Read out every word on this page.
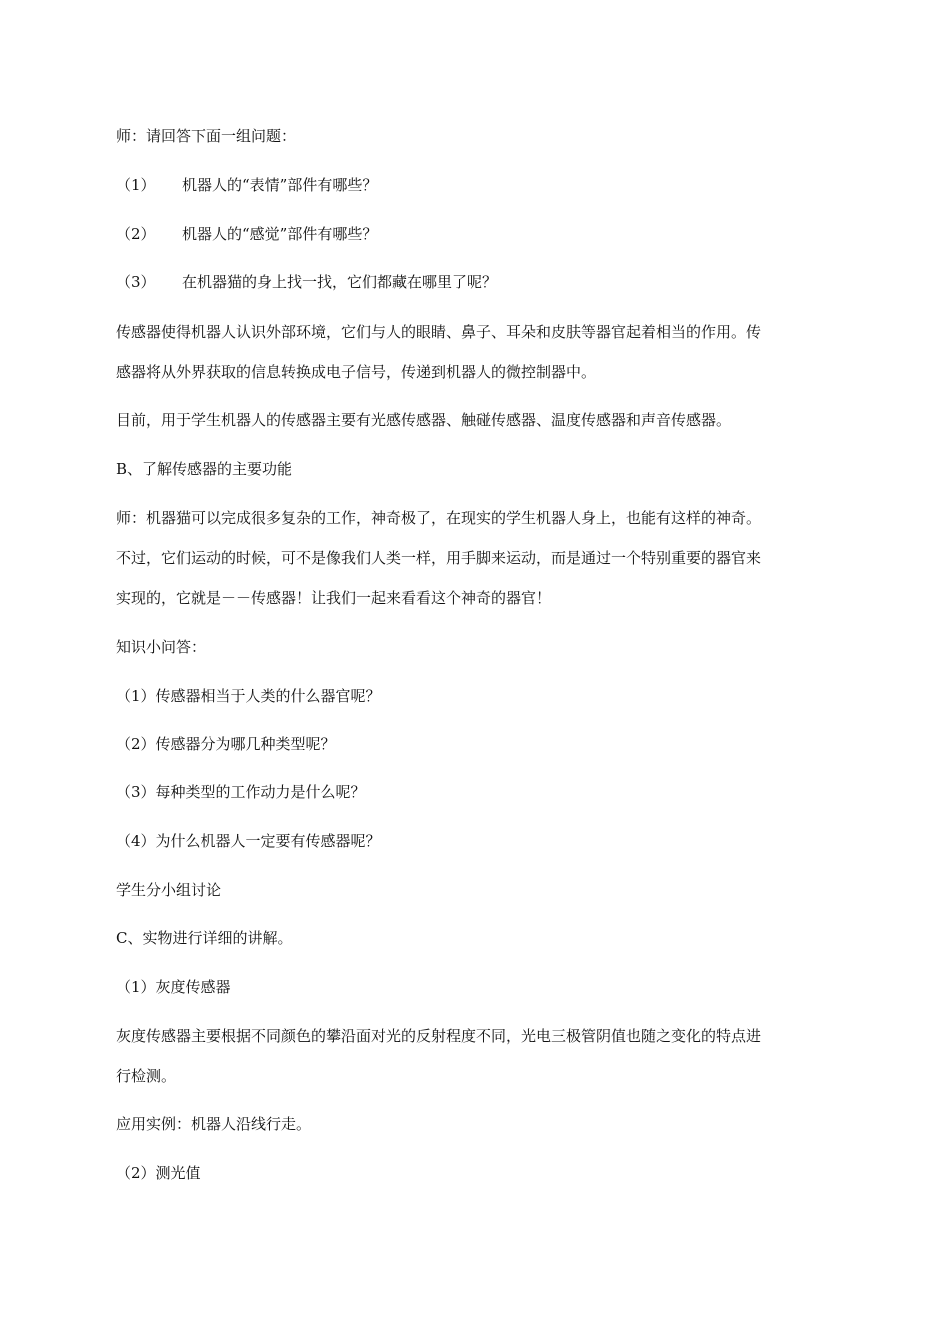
师：请回答下面一组问题：
（1） 机器人的“表情”部件有哪些？
（2） 机器人的“感觉”部件有哪些？
（3） 在机器猫的身上找一找，它们都藏在哪里了呢？
传感器使得机器人认识外部环境，它们与人的眼睛、鼻子、耳朵和皮肤等器官起着相当的作用。传
感器将从外界获取的信息转换成电子信号，传递到机器人的微控制器中。
目前，用于学生机器人的传感器主要有光感传感器、触碰传感器、温度传感器和声音传感器。
B、了解传感器的主要功能
师：机器猫可以完成很多复杂的工作，神奇极了，在现实的学生机器人身上，也能有这样的神奇。
不过，它们运动的时候，可不是像我们人类一样，用手脚来运动，而是通过一个特别重要的器官来
实现的，它就是－－传感器！让我们一起来看看这个神奇的器官！
知识小问答：
（1）传感器相当于人类的什么器官呢？
（2）传感器分为哪几种类型呢？
（3）每种类型的工作动力是什么呢？
（4）为什么机器人一定要有传感器呢？
学生分小组讨论
C、实物进行详细的讲解。
（1）灰度传感器
灰度传感器主要根据不同颜色的攀沿面对光的反射程度不同，光电三极管阴值也随之变化的特点进
行检测。
应用实例：机器人沿线行走。
（2）测光值
